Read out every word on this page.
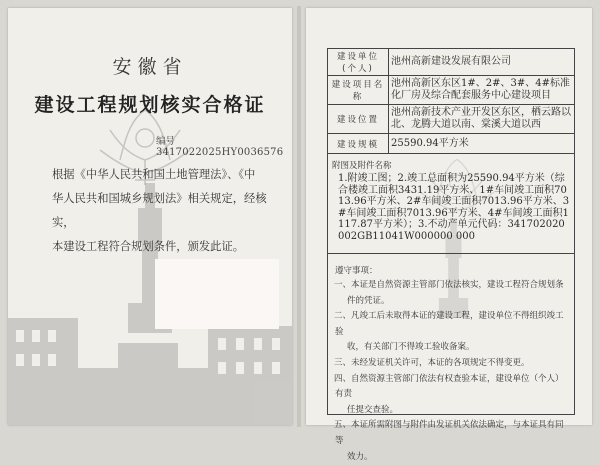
安徽省
建设工程规划核实合格证
编号 3417022025HY0036576

根据《中华人民共和国土地管理法》、《中

华人民共和国城乡规划法》相关规定，经核实，

本建设工程符合规划条件，颁发此证。

建设单位(个人)	池州高新建设发展有限公司
建设项目名称	池州高新区东区1#、2#、3#、4#标准化厂房及综合配套服务中心建设项目
建设位置	池州高新技术产业开发区东区，栖云路以北、龙腾大道以南、棠溪大道以西
建设规模	25590.94平方米
附图及附件名称
1.附竣工图；2.竣工总面积为25590.94平方米（综合楼竣工面积3431.19平方米、1#车间竣工面积7013.96平方米、2#车间竣工面积7013.96平方米、3#车间竣工面积7013.96平方米、4#车间竣工面积1117.87平方米）；3.不动产单元代码：341702020002GB11041W000000 000
遵守事项：

一、本证是自然资源主管部门依法核实，建设工程符合规划条

件的凭证。

二、凡竣工后未取得本证的建设工程，建设单位不得组织竣工验

收，有关部门不得竣工验收备案。

三、未经发证机关许可，本证的各项规定不得变更。

四、自然资源主管部门依法有权查验本证，建设单位（个人）有责

任提交查验。

五、本证所需附图与附件由发证机关依法确定，与本证具有同等

效力。
